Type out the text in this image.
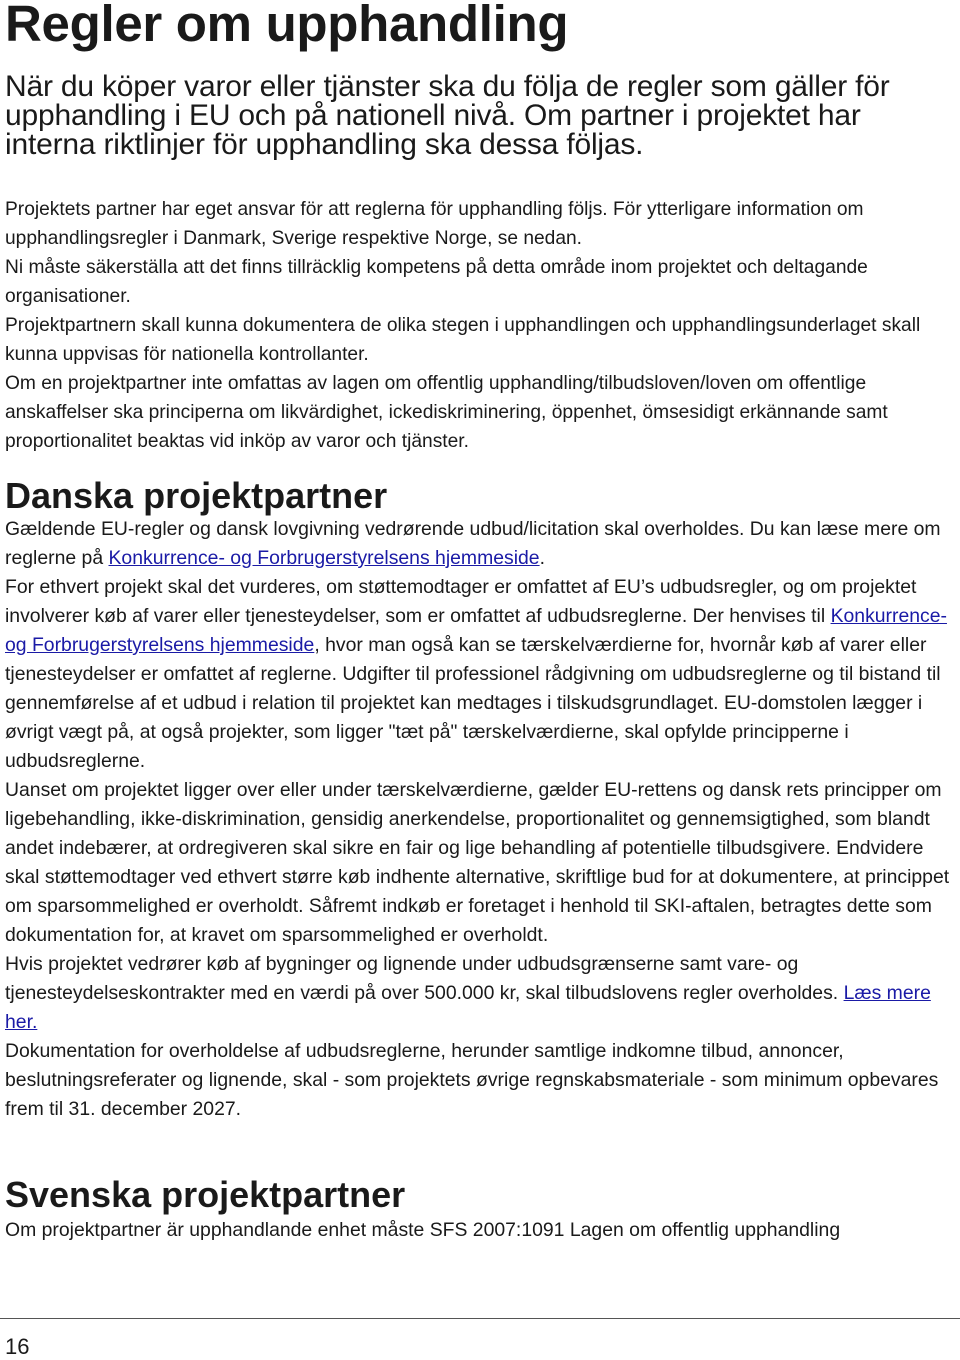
Regler om upphandling

När du köper varor eller tjänster ska du följa de regler som gäller för upphandling i EU och på nationell nivå. Om partner i projektet har interna riktlinjer för upphandling ska dessa följas.

Projektets partner har eget ansvar för att reglerna för upphandling följs. För ytterligare information om upphandlingsregler i Danmark, Sverige respektive Norge, se nedan.

Ni måste säkerställa att det finns tillräcklig kompetens på detta område inom projektet och deltagande organisationer.

Projektpartnern skall kunna dokumentera de olika stegen i upphandlingen och upphandlingsunderlaget skall kunna uppvisas för nationella kontrollanter.

Om en projektpartner inte omfattas av lagen om offentlig upphandling/tilbudsloven/loven om offentlige anskaffelser ska principerna om likvärdighet, ickediskriminering, öppenhet, ömsesidigt erkännande samt proportionalitet beaktas vid inköp av varor och tjänster.

Danska projektpartner

Gældende EU-regler og dansk lovgivning vedrørende udbud/licitation skal overholdes. Du kan læse mere om reglerne på Konkurrence- og Forbrugerstyrelsens hjemmeside.

For ethvert projekt skal det vurderes, om støttemodtager er omfattet af EU’s udbudsregler, og om projektet involverer køb af varer eller tjenesteydelser, som er omfattet af udbudsreglerne. Der henvises til Konkurrence- og Forbrugerstyrelsens hjemmeside, hvor man også kan se tærskelværdierne for, hvornår køb af varer eller tjenesteydelser er omfattet af reglerne. Udgifter til professionel rådgivning om udbudsreglerne og til bistand til gennemførelse af et udbud i relation til projektet kan medtages i tilskudsgrundlaget. EU-domstolen lægger i øvrigt vægt på, at også projekter, som ligger "tæt på" tærskelværdierne, skal opfylde principperne i udbudsreglerne.

Uanset om projektet ligger over eller under tærskelværdierne, gælder EU-rettens og dansk rets principper om ligebehandling, ikke-diskrimination, gensidig anerkendelse, proportionalitet og gennemsigtighed, som blandt andet indebærer, at ordregiveren skal sikre en fair og lige behandling af potentielle tilbudsgivere. Endvidere skal støttemodtager ved ethvert større køb indhente alternative, skriftlige bud for at dokumentere, at princippet om sparsommelighed er overholdt. Såfremt indkøb er foretaget i henhold til SKI-aftalen, betragtes dette som dokumentation for, at kravet om sparsommelighed er overholdt.

Hvis projektet vedrører køb af bygninger og lignende under udbudsgrænserne samt vare- og tjenesteydelseskontrakter med en værdi på over 500.000 kr, skal tilbudslovens regler overholdes. Læs mere her.

Dokumentation for overholdelse af udbudsreglerne, herunder samtlige indkomne tilbud, annoncer, beslutningsreferater og lignende, skal - som projektets øvrige regnskabsmateriale - som minimum opbevares frem til 31. december 2027.

Svenska projektpartner

Om projektpartner är upphandlande enhet måste SFS 2007:1091 Lagen om offentlig upphandling

16
